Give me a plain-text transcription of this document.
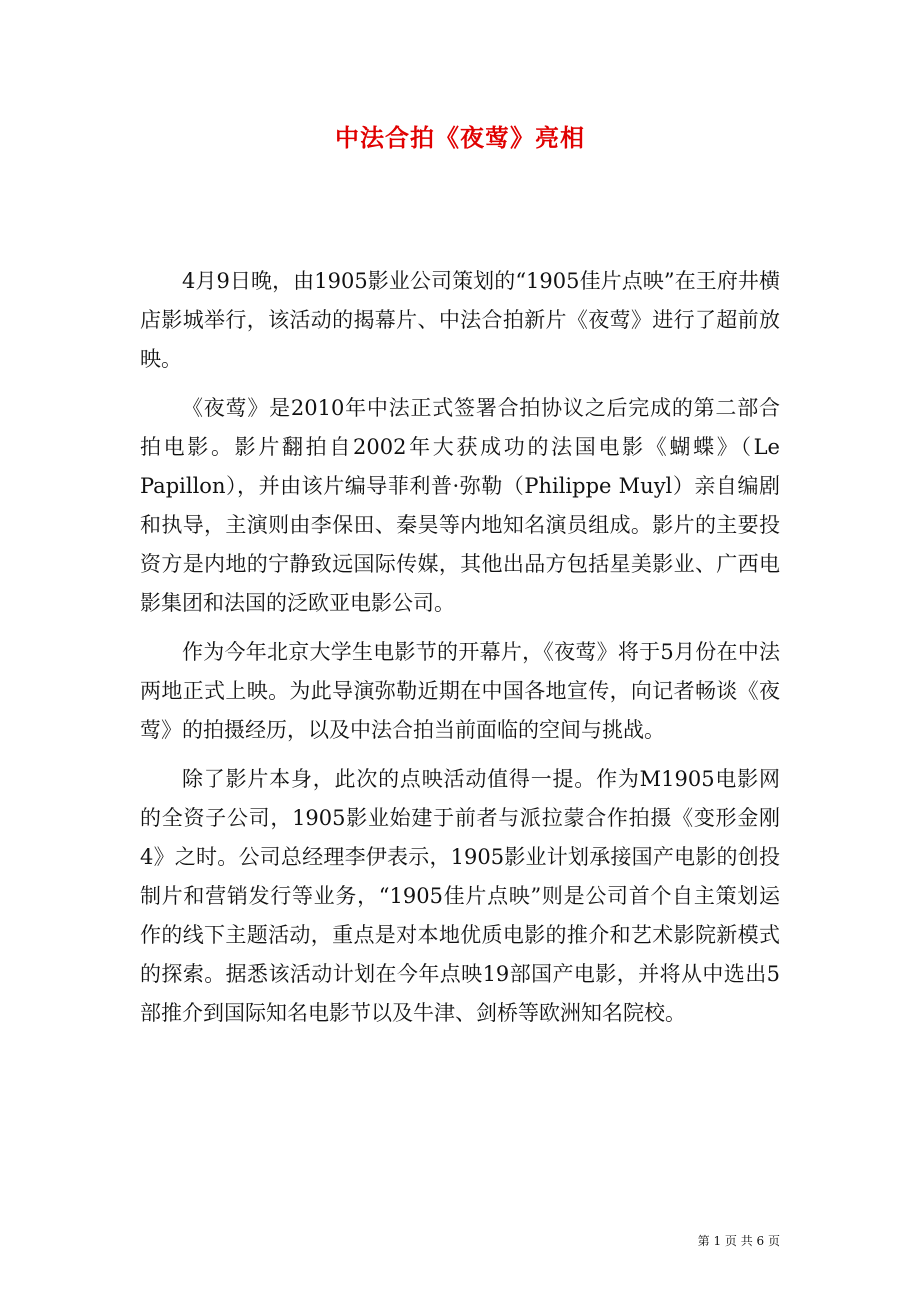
中法合拍《夜莺》亮相

4月9日晚，由1905影业公司策划的“1905佳片点映”在王府井横店影城举行，该活动的揭幕片、中法合拍新片《夜莺》进行了超前放映。

《夜莺》是2010年中法正式签署合拍协议之后完成的第二部合拍电影。影片翻拍自2002年大获成功的法国电影《蝴蝶》（Le Papillon），并由该片编导菲利普·弥勒（Philippe Muyl）亲自编剧和执导，主演则由李保田、秦昊等内地知名演员组成。影片的主要投资方是内地的宁静致远国际传媒，其他出品方包括星美影业、广西电影集团和法国的泛欧亚电影公司。

作为今年北京大学生电影节的开幕片，《夜莺》将于5月份在中法两地正式上映。为此导演弥勒近期在中国各地宣传，向记者畅谈《夜莺》的拍摄经历，以及中法合拍当前面临的空间与挑战。

除了影片本身，此次的点映活动值得一提。作为M1905电影网的全资子公司，1905影业始建于前者与派拉蒙合作拍摄《变形金刚4》之时。公司总经理李伊表示，1905影业计划承接国产电影的创投制片和营销发行等业务，“1905佳片点映”则是公司首个自主策划运作的线下主题活动，重点是对本地优质电影的推介和艺术影院新模式的探索。据悉该活动计划在今年点映19部国产电影，并将从中选出5部推介到国际知名电影节以及牛津、剑桥等欧洲知名院校。

第 1 页 共 6 页
